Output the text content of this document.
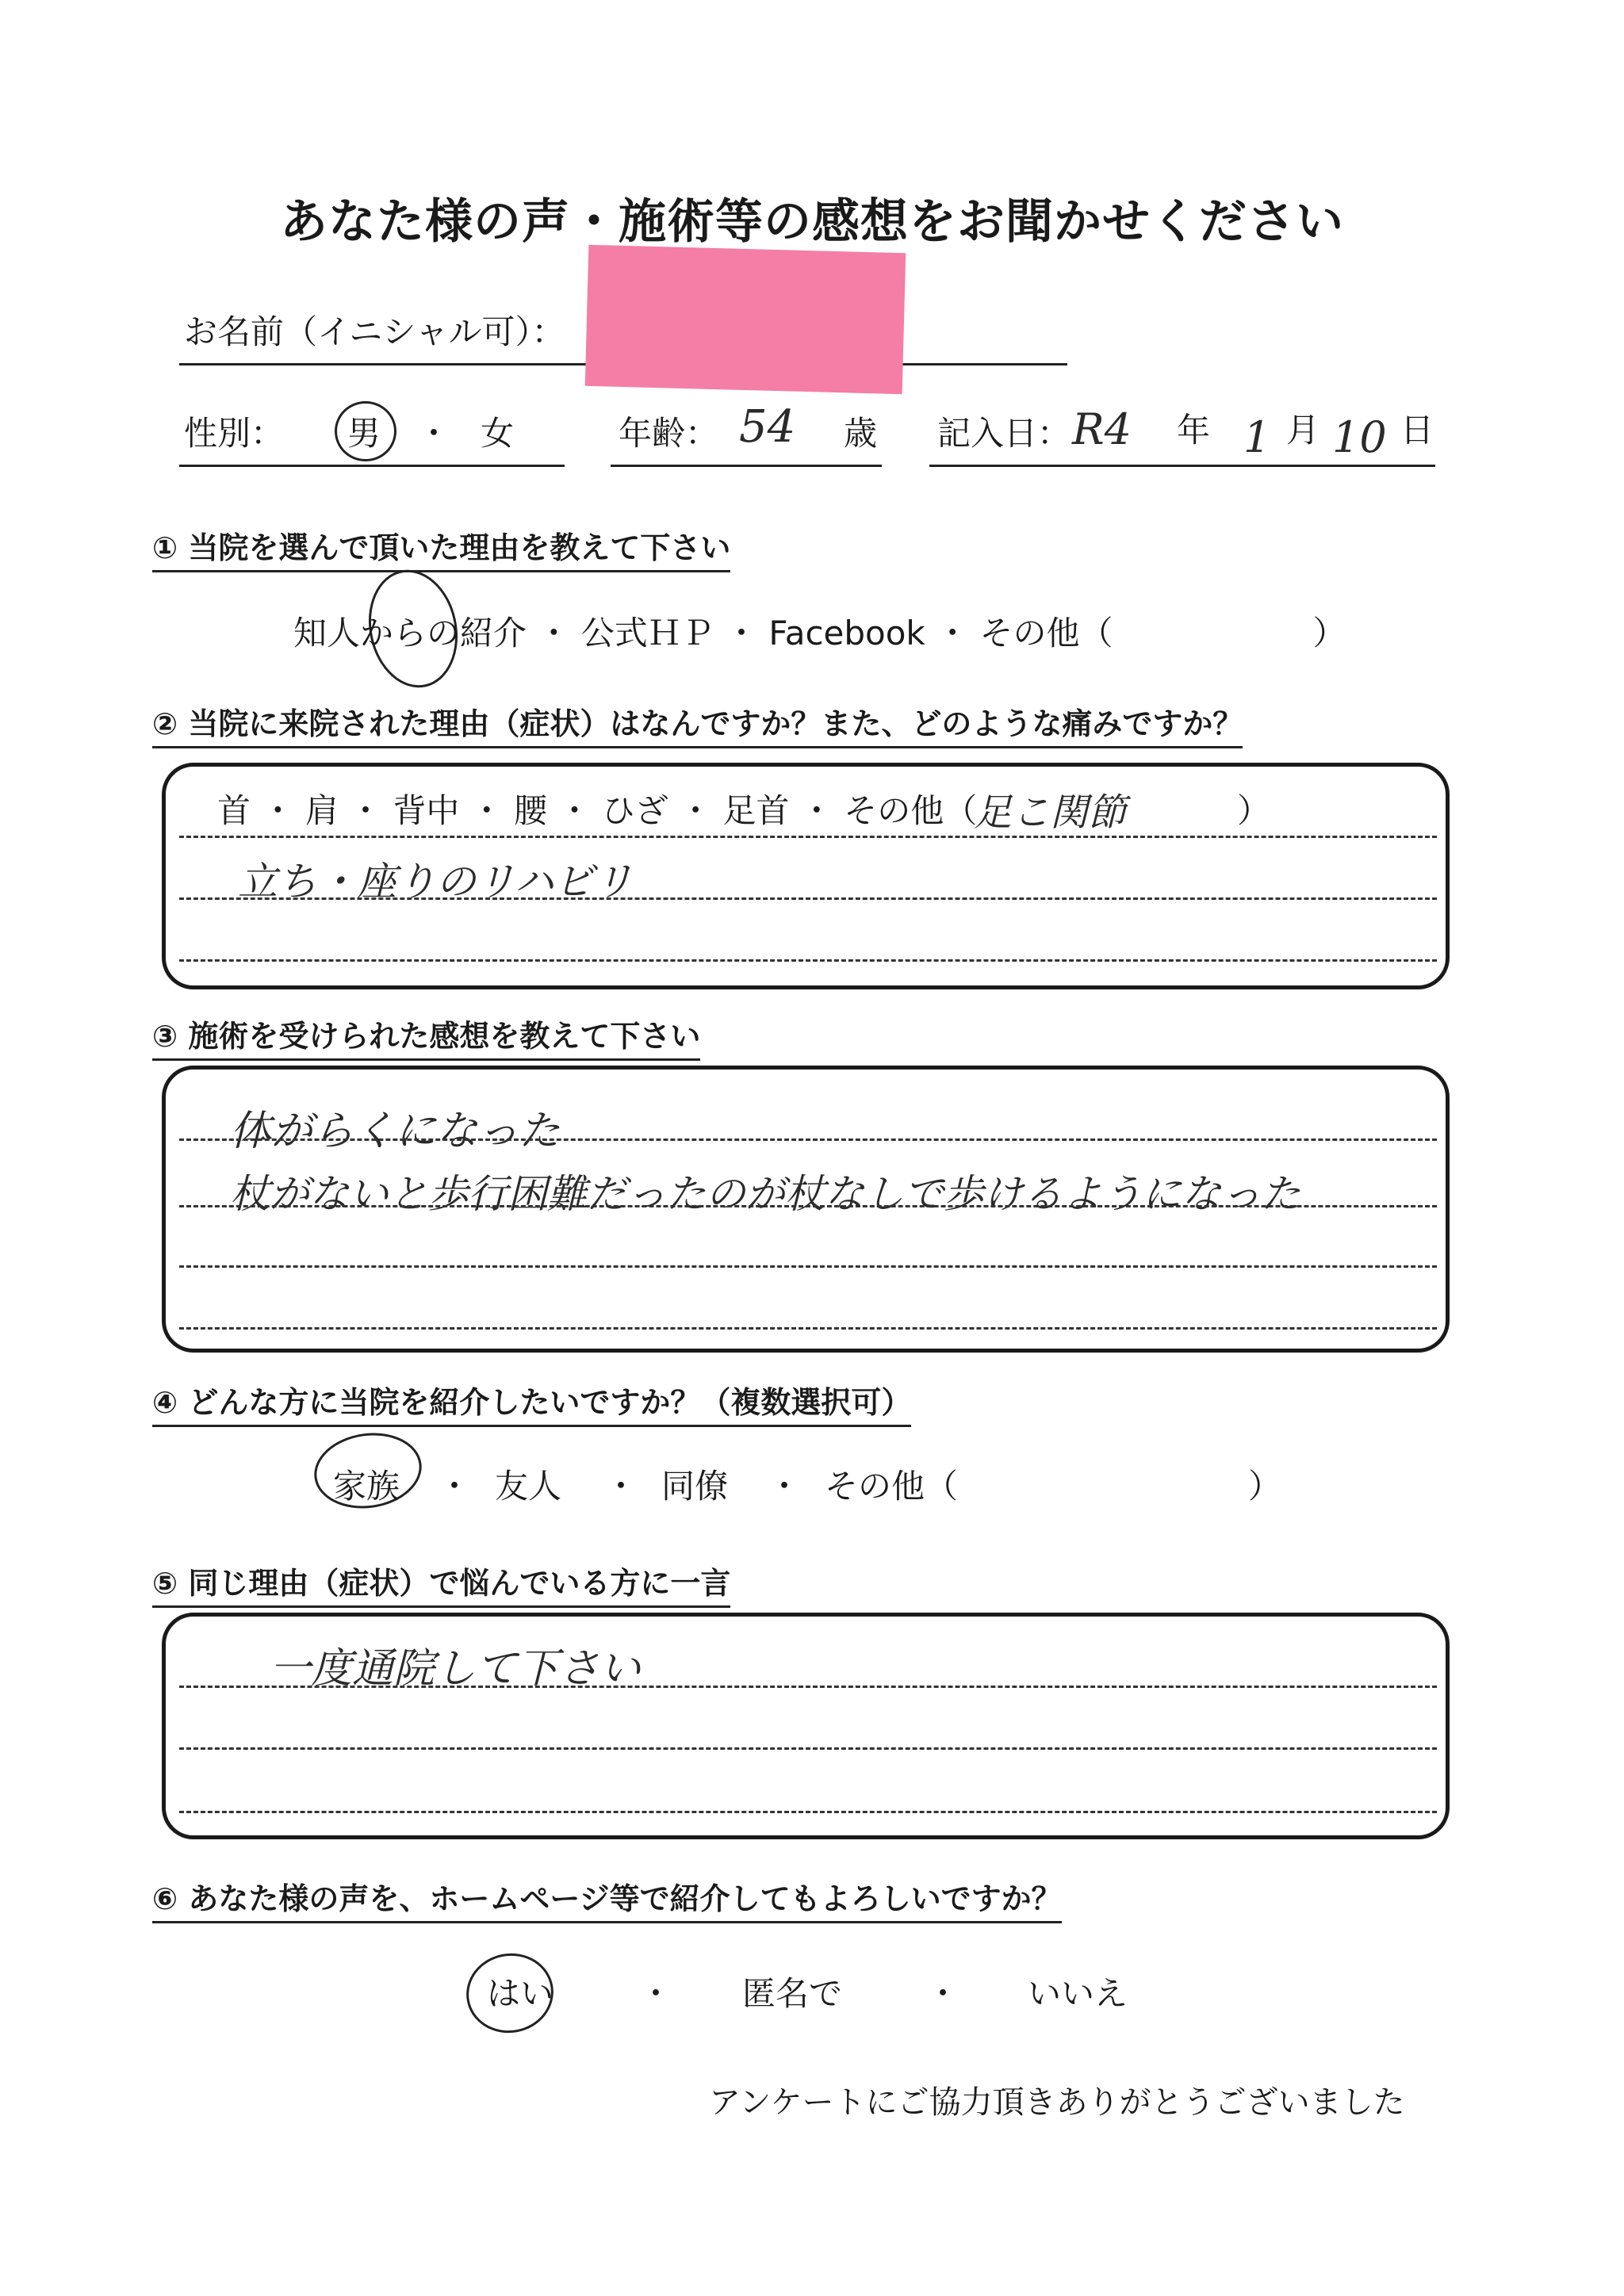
あなた様の声・施術等の感想をお聞かせください
お名前（イニシャル可）：
性別： 男 ・ 女	年齢： 54 歳 記入日： R4 年 1 月 10 日
① 当院を選んで頂いた理由を教えて下さい
知人からの紹介 ・ 公式ＨＰ ・ Facebook ・ その他（　　　　　　）
② 当院に来院された理由（症状）はなんですか？また、どのような痛みですか？
首 ・ 肩 ・ 背中 ・ 腰 ・ ひざ ・ 足首 ・ その他（
足こ関節	）
立ち・座りのリハビリ
③ 施術を受けられた感想を教えて下さい
体がらくになった
杖がないと歩行困難だったのが杖なしで歩けるようになった
④ どんな方に当院を紹介したいですか？（複数選択可）
家族 ・ 友人 ・ 同僚 ・ その他（	）
⑤ 同じ理由（症状）で悩んでいる方に一言
一度通院して下さい
⑥ あなた様の声を、ホームページ等で紹介してもよろしいですか？
はい	・ 匿名で	・ いいえ
アンケートにご協力頂きありがとうございました
